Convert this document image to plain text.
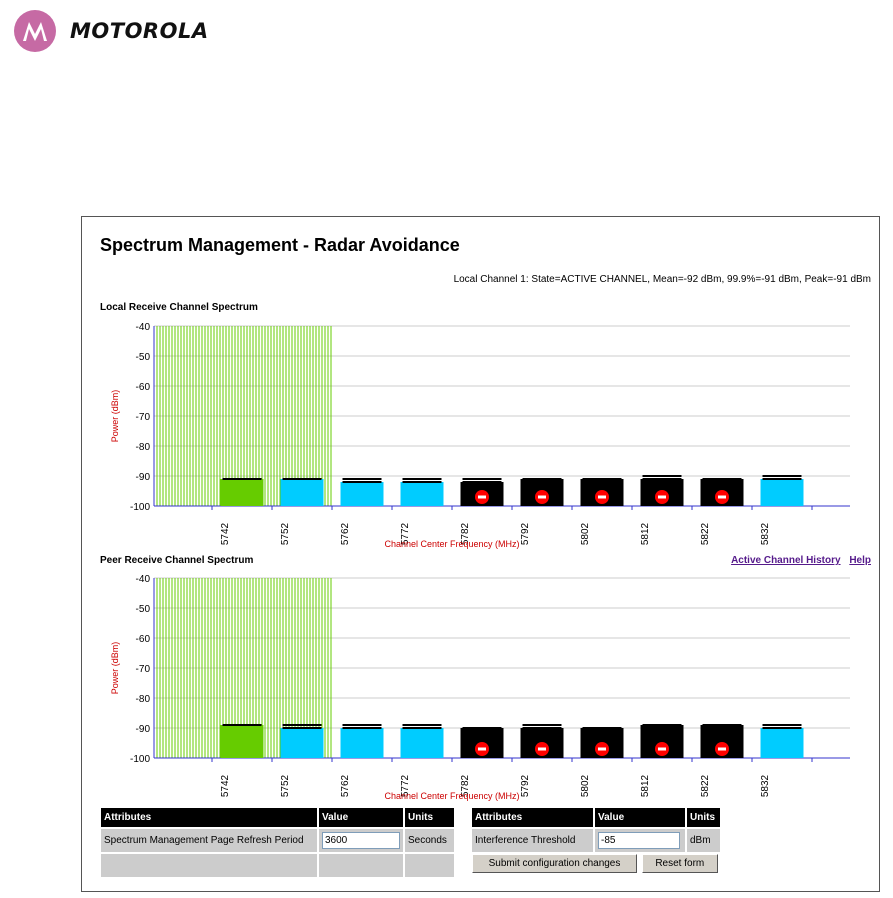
MOTOROLA
Spectrum Management - Radar Avoidance
Local Channel 1: State=ACTIVE CHANNEL, Mean=-92 dBm, 99.9%=-91 dBm, Peak=-91 dBm
Local Receive Channel Spectrum
-40
-50
-60
-70
-80
-90
-100
5742	5752	5762	5772	5782	5792	5802	5812	5822	5832
Power (dBm)
Channel Center Frequency (MHz)
Peer Receive Channel Spectrum	Active Channel History Help
-40
-50
-60
-70
-80
-90
-100
5742	5752	5762	5772	5782	5792	5802	5812	5822	5832
Power (dBm)
Channel Center Frequency (MHz)
Attributes	Value	Units
Spectrum Management Page Refresh Period	3600	Seconds

Attributes	Value	Units
Interference Threshold	-85	dBm
Submit configuration changes Reset form		
